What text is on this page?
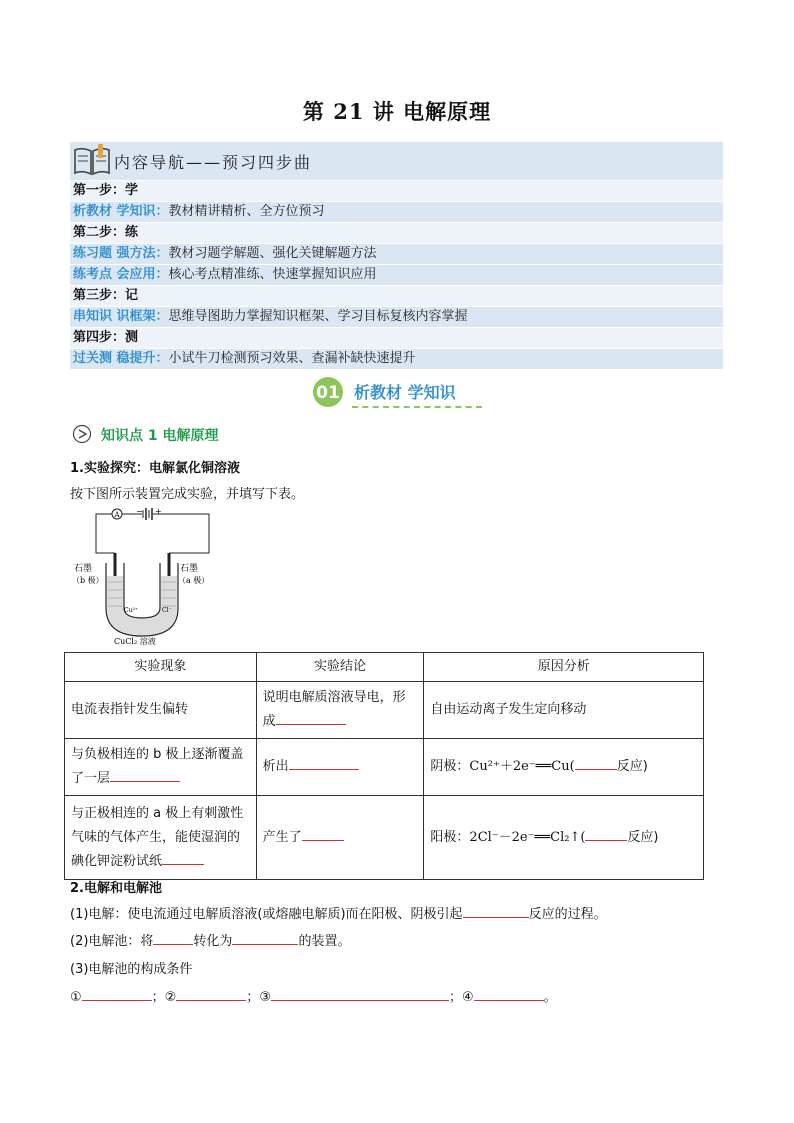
第 21 讲 电解原理
内容导航——预习四步曲
第一步：学
析教材 学知识：教材精讲精析、全方位预习
第二步：练
练习题 强方法：教材习题学解题、强化关键解题方法
练考点 会应用：核心考点精准练、快速掌握知识应用
第三步：记
串知识 识框架：思维导图助力掌握知识框架、学习目标复核内容掌握
第四步：测
过关测 稳提升：小试牛刀检测预习效果、查漏补缺快速提升
01 析教材 学知识
知识点 1 电解原理
1.实验探究：电解氯化铜溶液
按下图所示装置完成实验，并填写下表。
A − +
石墨
（b 极）
石墨
（a 极）
Cu²⁺	Cl⁻
CuCl₂ 溶液
实验现象	实验结论	原因分析
电流表指针发生偏转	说明电解质溶液导电，形成	自由运动离子发生定向移动
与负极相连的 b 极上逐渐覆盖了一层	析出	阴极：Cu²⁺＋2e⁻══Cu( 反应)
与正极相连的 a 极上有刺激性气味的气体产生，能使湿润的碘化钾淀粉试纸	产生了	阳极：2Cl⁻－2e⁻══Cl₂↑( 反应)
2.电解和电解池
(1)电解：使电流通过电解质溶液(或熔融电解质)而在阳极、阴极引起	反应的过程。
(2)电解池：将	转化为	的装置。
(3)电解池的构成条件
①	；②	；③	；④	。
